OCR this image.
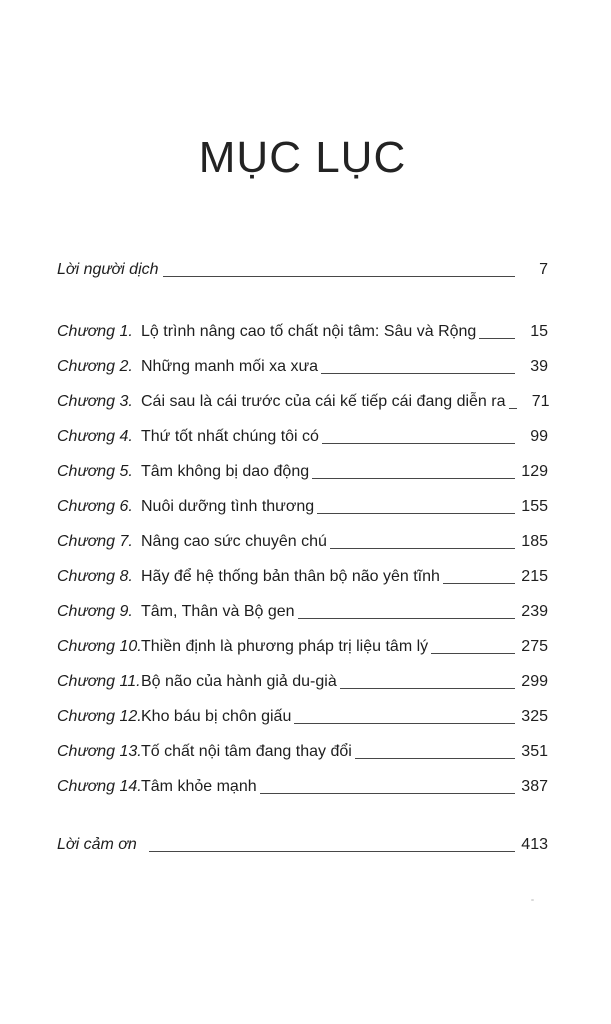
MỤC LỤC
Lời người dịch	7
Chương 1. Lộ trình nâng cao tố chất nội tâm: Sâu và Rộng	15
Chương 2. Những manh mối xa xưa	39
Chương 3. Cái sau là cái trước của cái kế tiếp cái đang diễn ra	71
Chương 4. Thứ tốt nhất chúng tôi có	99
Chương 5. Tâm không bị dao động	129
Chương 6. Nuôi dưỡng tình thương	155
Chương 7. Nâng cao sức chuyên chú	185
Chương 8. Hãy để hệ thống bản thân bộ não yên tĩnh	215
Chương 9. Tâm, Thân và Bộ gen	239
Chương 10. Thiền định là phương pháp trị liệu tâm lý	275
Chương 11. Bộ não của hành giả du-già	299
Chương 12. Kho báu bị chôn giấu	325
Chương 13. Tố chất nội tâm đang thay đổi	351
Chương 14. Tâm khỏe mạnh	387
Lời cảm ơn	413
